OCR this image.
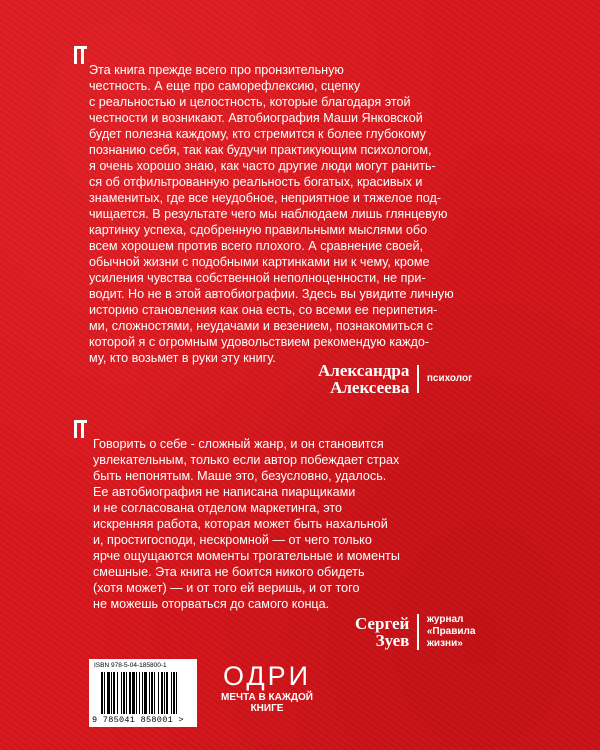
Эта книга прежде всего про пронзительную
честность. А еще про саморефлексию, сцепку
с реальностью и целостность, которые благодаря этой
честности и возникают. Автобиография Маши Янковской
будет полезна каждому, кто стремится к более глубокому
познанию себя, так как будучи практикующим психологом,
я очень хорошо знаю, как часто другие люди могут ранить-
ся об отфильтрованную реальность богатых, красивых и
знаменитых, где все неудобное, неприятное и тяжелое под-
чищается. В результате чего мы наблюдаем лишь глянцевую
картинку успеха, сдобренную правильными мыслями обо
всем хорошем против всего плохого. А сравнение своей,
обычной жизни с подобными картинками ни к чему, кроме
усиления чувства собственной неполноценности, не при-
водит. Но не в этой автобиографии. Здесь вы увидите личную
историю становления как она есть, со всеми ее перипетия-
ми, сложностями, неудачами и везением, познакомиться с
которой я с огромным удовольствием рекомендую каждо-
му, кто возьмет в руки эту книгу.
Александра
Алексеева психолог
Говорить о себе - сложный жанр, и он становится
увлекательным, только если автор побеждает страх
быть непонятым. Маше это, безусловно, удалось.
Ее автобиография не написана пиарщиками
и не согласована отделом маркетинга, это
искренняя работа, которая может быть нахальной
и, простигосподи, нескромной — от чего только
ярче ощущаются моменты трогательные и моменты
смешные. Эта книга не боится никого обидеть
(хотя может) — и от того ей веришь, и от того
не можешь оторваться до самого конца.
Сергей
Зуев
журнал
«Правила
жизни»
ISBN 978-5-04-185800-1
9 785041 858001 >
ОДРИ
МЕЧТА В КАЖДОЙ
КНИГЕ
